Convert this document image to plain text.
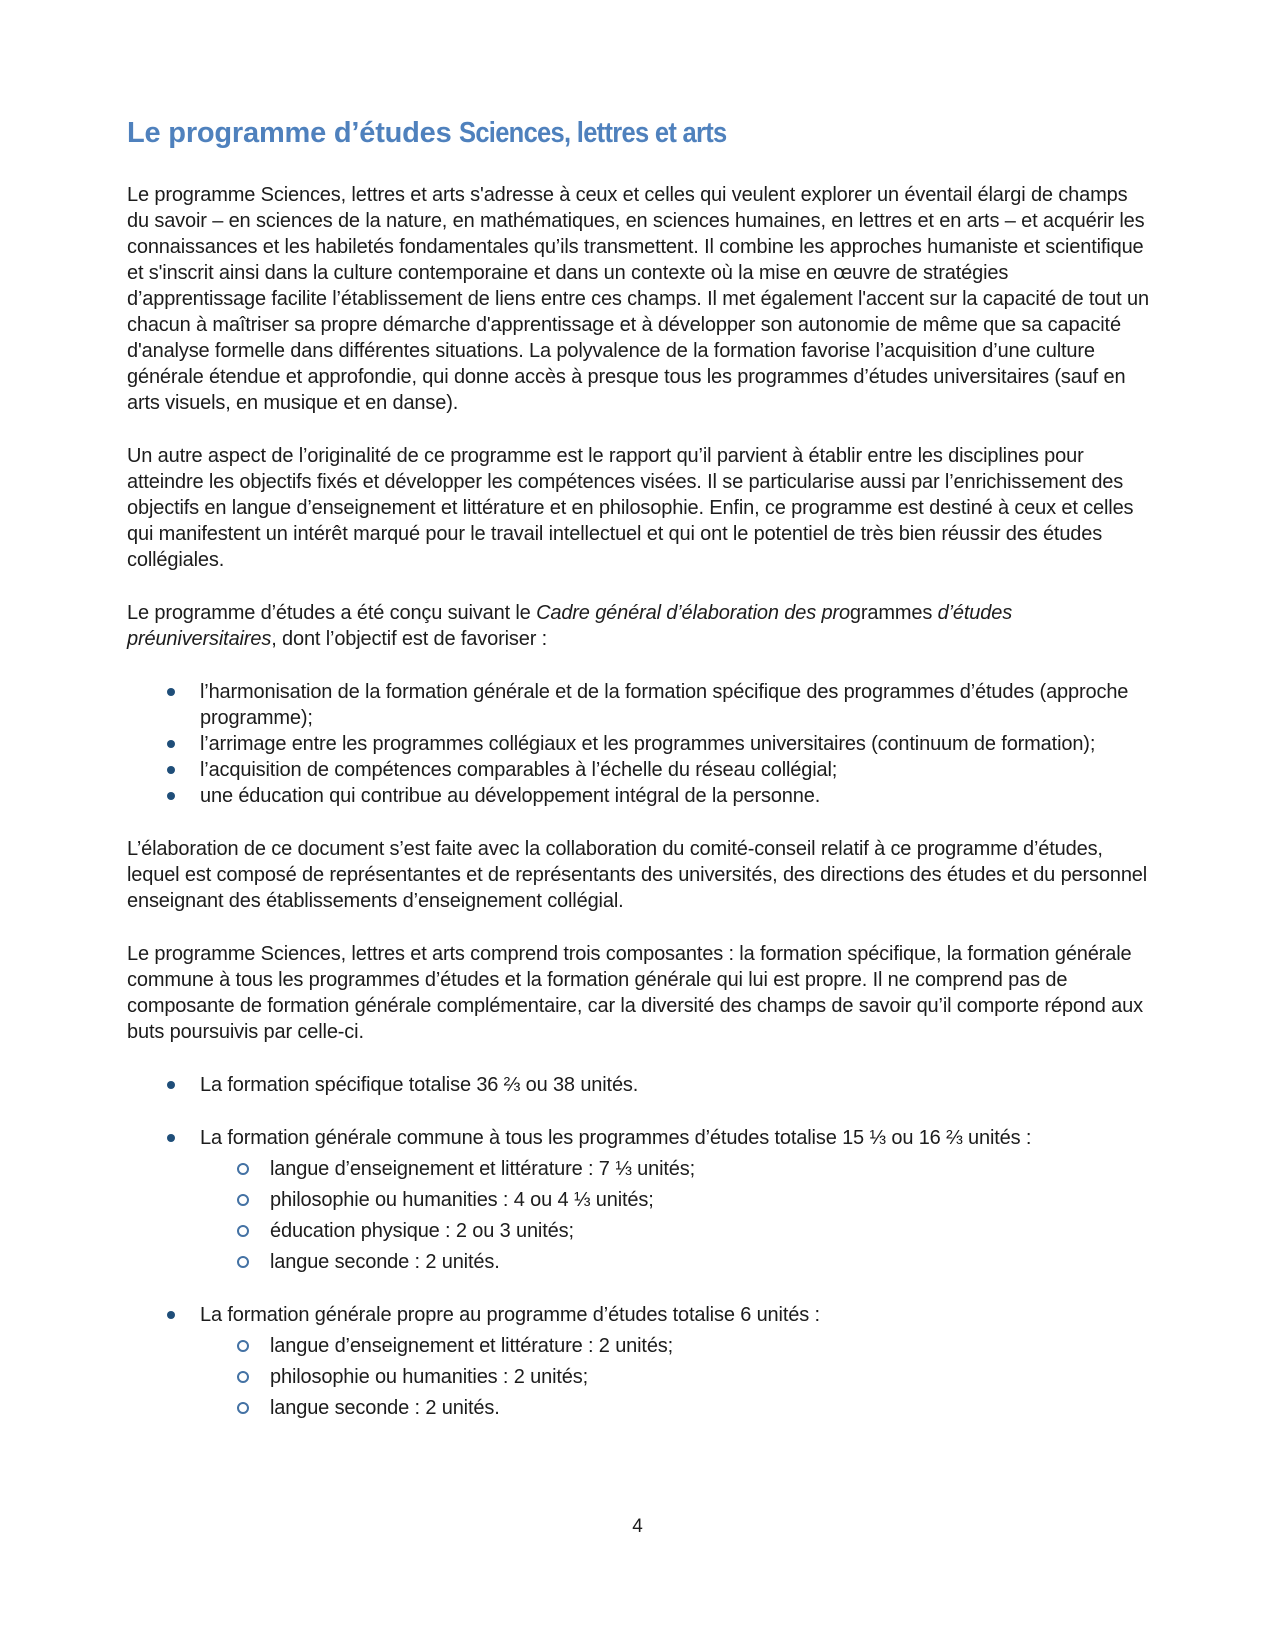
Le programme d’études Sciences, lettres et arts

Le programme Sciences, lettres et arts s'adresse à ceux et celles qui veulent explorer un éventail élargi de champs du savoir – en sciences de la nature, en mathématiques, en sciences humaines, en lettres et en arts – et acquérir les connaissances et les habiletés fondamentales qu’ils transmettent. Il combine les approches humaniste et scientifique et s'inscrit ainsi dans la culture contemporaine et dans un contexte où la mise en œuvre de stratégies d’apprentissage facilite l’établissement de liens entre ces champs. Il met également l'accent sur la capacité de tout un chacun à maîtriser sa propre démarche d'apprentissage et à développer son autonomie de même que sa capacité d'analyse formelle dans différentes situations. La polyvalence de la formation favorise l’acquisition d’une culture générale étendue et approfondie, qui donne accès à presque tous les programmes d’études universitaires (sauf en arts visuels, en musique et en danse).

Un autre aspect de l’originalité de ce programme est le rapport qu’il parvient à établir entre les disciplines pour atteindre les objectifs fixés et développer les compétences visées. Il se particularise aussi par l’enrichissement des objectifs en langue d’enseignement et littérature et en philosophie. Enfin, ce programme est destiné à ceux et celles qui manifestent un intérêt marqué pour le travail intellectuel et qui ont le potentiel de très bien réussir des études collégiales.

Le programme d’études a été conçu suivant le Cadre général d’élaboration des programmes d’études préuniversitaires, dont l’objectif est de favoriser :

l’harmonisation de la formation générale et de la formation spécifique des programmes d’études (approche programme);
l’arrimage entre les programmes collégiaux et les programmes universitaires (continuum de formation);
l’acquisition de compétences comparables à l’échelle du réseau collégial;
une éducation qui contribue au développement intégral de la personne.

L’élaboration de ce document s’est faite avec la collaboration du comité-conseil relatif à ce programme d’études, lequel est composé de représentantes et de représentants des universités, des directions des études et du personnel enseignant des établissements d’enseignement collégial.

Le programme Sciences, lettres et arts comprend trois composantes : la formation spécifique, la formation générale commune à tous les programmes d’études et la formation générale qui lui est propre. Il ne comprend pas de composante de formation générale complémentaire, car la diversité des champs de savoir qu’il comporte répond aux buts poursuivis par celle-ci.

La formation spécifique totalise 36 ⅔ ou 38 unités.
La formation générale commune à tous les programmes d’études totalise 15 ⅓ ou 16 ⅔ unités :
langue d’enseignement et littérature : 7 ⅓ unités;
philosophie ou humanities : 4 ou 4 ⅓ unités;
éducation physique : 2 ou 3 unités;
langue seconde : 2 unités.
La formation générale propre au programme d’études totalise 6 unités :
langue d’enseignement et littérature : 2 unités;
philosophie ou humanities : 2 unités;
langue seconde : 2 unités.
4
